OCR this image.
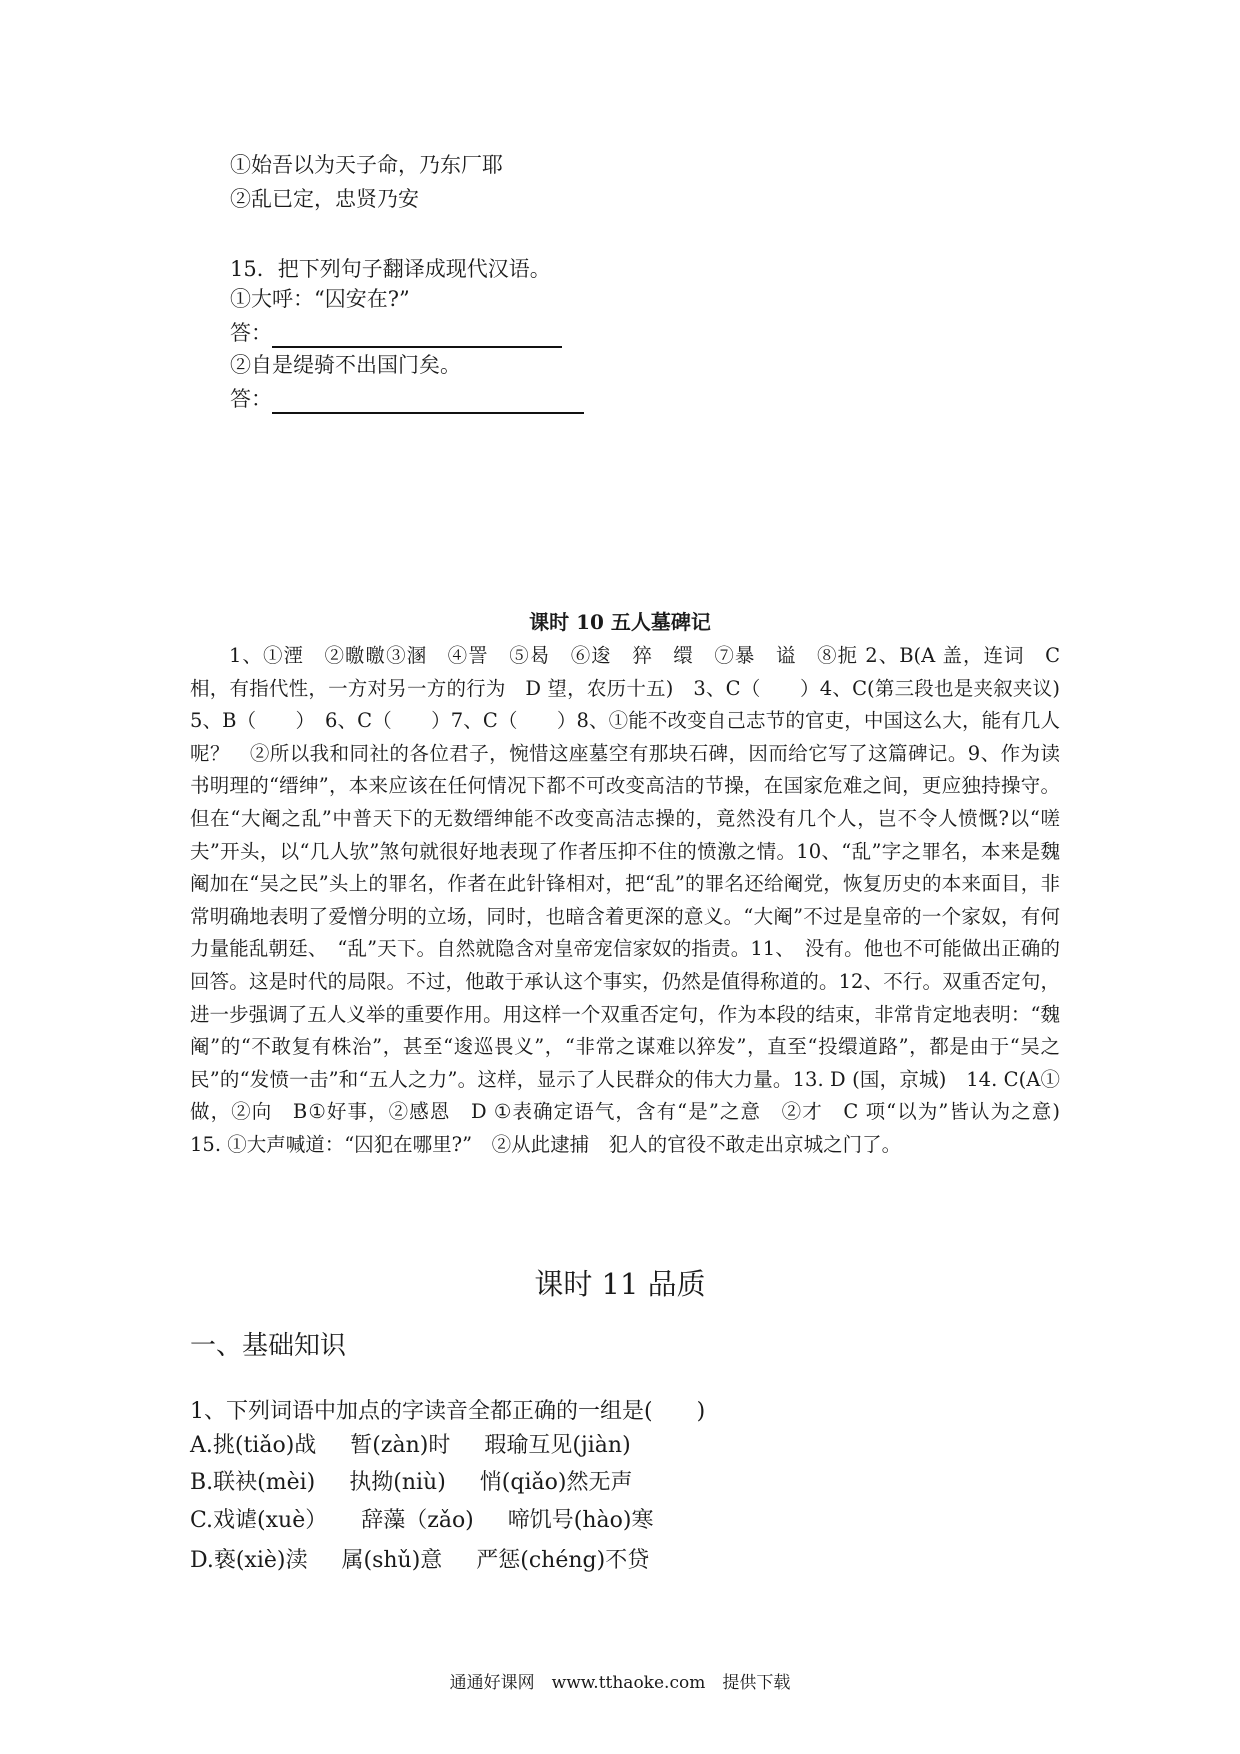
①始吾以为天子命，乃东厂耶
②乱已定，忠贤乃安
15．把下列句子翻译成现代汉语。
①大呼：“囚安在?”
答：
②自是缇骑不出国门矣。
答：
课时 10 五人墓碑记

1、①湮　②曒曒③溷　④詈　⑤曷　⑥逡　猝　缳　⑦暴　谥　⑧扼 2、B(A 盖，连词　C 相，有指代性，一方对另一方的行为　D 望，农历十五)　3、C（　　）4、C(第三段也是夹叙夹议) 5、B（　　）　6、C（　　）7、C（　　）8、①能不改变自己志节的官吏，中国这么大，能有几人呢？　②所以我和同社的各位君子，惋惜这座墓空有那块石碑，因而给它写了这篇碑记。9、作为读书明理的“缙绅”，本来应该在任何情况下都不可改变高洁的节操，在国家危难之间，更应独持操守。但在“大阉之乱”中普天下的无数缙绅能不改变高洁志操的，竟然没有几个人，岂不令人愤慨?以“嗟夫”开头，以“几人欤”煞句就很好地表现了作者压抑不住的愤激之情。10、“乱”字之罪名，本来是魏阉加在“吴之民”头上的罪名，作者在此针锋相对，把“乱”的罪名还给阉党，恢复历史的本来面目，非常明确地表明了爱憎分明的立场，同时，也暗含着更深的意义。“大阉”不过是皇帝的一个家奴，有何力量能乱朝廷、　“乱”天下。自然就隐含对皇帝宠信家奴的指责。11、　没有。他也不可能做出正确的回答。这是时代的局限。不过，他敢于承认这个事实，仍然是值得称道的。12、不行。双重否定句，进一步强调了五人义举的重要作用。用这样一个双重否定句，作为本段的结束，非常肯定地表明：“魏阉”的“不敢复有株治”，甚至“逡巡畏义”，“非常之谋难以猝发”，直至“投缳道路”，都是由于“吴之民”的“发愤一击”和“五人之力”。这样，显示了人民群众的伟大力量。13. D (国，京城)　14. C(A①做，②向　B①好事，②感恩　D ①表确定语气，含有“是”之意　②才　C 项“以为”皆认为之意)　15. ①大声喊道：“囚犯在哪里?”　②从此逮捕　犯人的官役不敢走出京城之门了。

课时 11 品质
一、基础知识
1、下列词语中加点的字读音全都正确的一组是(　　)
A.挑(tiǎo)战 暂(zàn)时 瑕瑜互见(jiàn)
B.联袂(mèi) 执拗(niù) 悄(qiǎo)然无声
C.戏谑(xuè） 辞藻（zǎo) 啼饥号(hào)寒
D.亵(xiè)渎 属(shǔ)意 严惩(chéng)不贷
通通好课网　www.tthaoke.com　提供下载
